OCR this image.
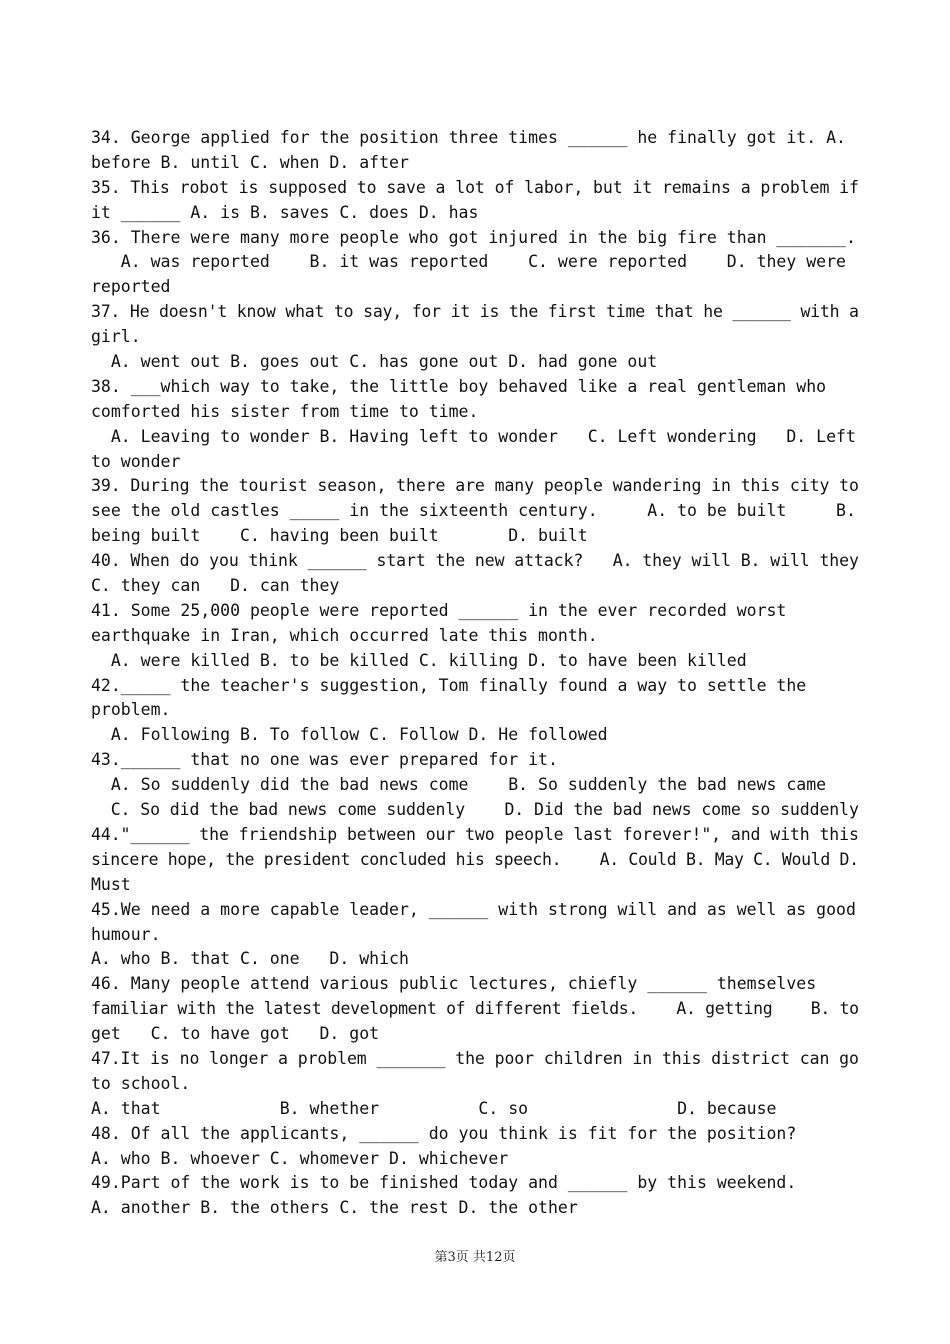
34. George applied for the position three times ______ he finally got it. A.
before B. until C. when D. after
35. This robot is supposed to save a lot of labor, but it remains a problem if
it ______ A. is B. saves C. does D. has
36. There were many more people who got injured in the big fire than _______.
A. was reported    B. it was reported    C. were reported    D. they were
reported
37. He doesn't know what to say, for it is the first time that he ______ with a
girl.
A. went out B. goes out C. has gone out D. had gone out
38. ___which way to take, the little boy behaved like a real gentleman who
comforted his sister from time to time.
A. Leaving to wonder B. Having left to wonder   C. Left wondering   D. Left
to wonder
39. During the tourist season, there are many people wandering in this city to
see the old castles _____ in the sixteenth century.     A. to be built     B.
being built    C. having been built       D. built
40. When do you think ______ start the new attack?   A. they will B. will they
C. they can   D. can they
41. Some 25,000 people were reported ______ in the ever recorded worst
earthquake in Iran, which occurred late this month.
A. were killed B. to be killed C. killing D. to have been killed
42._____ the teacher's suggestion, Tom finally found a way to settle the
problem.
A. Following B. To follow C. Follow D. He followed
43.______ that no one was ever prepared for it.
A. So suddenly did the bad news come    B. So suddenly the bad news came
C. So did the bad news come suddenly    D. Did the bad news come so suddenly
44."______ the friendship between our two people last forever!", and with this
sincere hope, the president concluded his speech.    A. Could B. May C. Would D.
Must
45.We need a more capable leader, ______ with strong will and as well as good
humour.
A. who B. that C. one   D. which
46. Many people attend various public lectures, chiefly ______ themselves
familiar with the latest development of different fields.    A. getting    B. to
get   C. to have got   D. got
47.It is no longer a problem _______ the poor children in this district can go
to school.
A. that            B. whether          C. so               D. because
48. Of all the applicants, ______ do you think is fit for the position?
A. who B. whoever C. whomever D. whichever
49.Part of the work is to be finished today and ______ by this weekend.
A. another B. the others C. the rest D. the other
第3页 共12页
